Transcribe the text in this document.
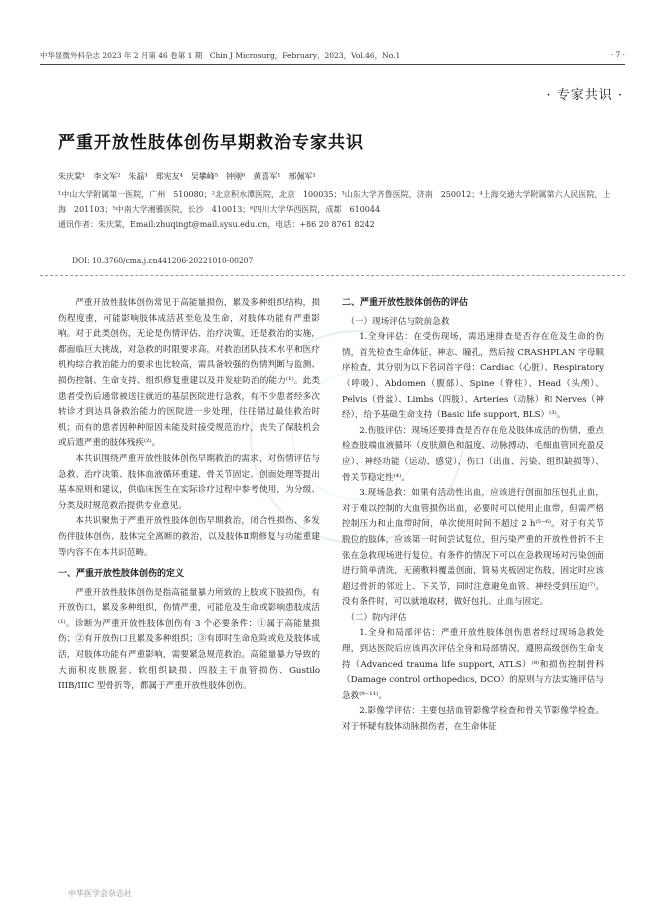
中华显微外科杂志 2023 年 2 月第 46 卷第 1 期　Chin J Microsurg，February，2023，Vol.46，No.1	· 7 ·
· 专家共识 ·
严重开放性肢体创伤早期救治专家共识
朱庆棠¹　李文军²　朱磊³　郑宪友⁴　吴攀峰⁵　钟刚⁶　黄喜军¹　邢佩军¹
¹中山大学附属第一医院，广州　510080；²北京积水潭医院，北京　100035；³山东大学齐鲁医院，济南　250012；⁴上海交通大学附属第六人民医院，上海　201103；⁵中南大学湘雅医院，长沙　410013；⁶四川大学华西医院，成都　610044
通讯作者：朱庆棠，Email:zhuqingt@mail.sysu.edu.cn，电话：+86 20 8761 8242
DOI: 10.3760/cma.j.cn441206-20221010-00207

严重开放性肢体创伤常见于高能量损伤，累及多种组织结构，损伤程度重，可能影响肢体成活甚至危及生命，对肢体功能有严重影响。对于此类创伤，无论是伤情评估、治疗决策，还是救治的实施，都面临巨大挑战，对急救的时限要求高，对救治团队技术水平和医疗机构综合救治能力的要求也比较高，需具备较强的伤情判断与监测、损伤控制、生命支持、组织修复重建以及并发症防治的能力⁽¹⁾。此类患者受伤后通常被送往就近的基层医院进行急救，有不少患者经多次转诊才到达具备救治能力的医院进一步处理，往往错过最佳救治时机；而有的患者因种种原因未能及时接受规范治疗，丧失了保肢机会或后遗严重的肢体残疾⁽²⁾。

本共识围绕严重开放性肢体创伤早期救治的需求，对伤情评估与急救、治疗决策、肢体血液循环重建、骨关节固定、创面处理等提出基本原则和建议，供临床医生在实际诊疗过程中参考使用，为分级、分类及时规范救治提供专业意见。

本共识聚焦于严重开放性肢体创伤早期救治，闭合性损伤、多发伤伴肢体创伤、肢体完全离断的救治，以及肢体Ⅱ期修复与功能重建等内容不在本共识范畴。

一、严重开放性肢体创伤的定义

严重开放性肢体创伤是指高能量暴力所致的上肢或下肢损伤，有开放伤口，累及多种组织，伤情严重，可能危及生命或影响患肢成活⁽¹⁾。诊断为严重开放性肢体创伤有 3 个必要条件：①属于高能量损伤；②有开放伤口且累及多种组织；③有即时生命危险或危及肢体成活，对肢体功能有严重影响，需要紧急规范救治。高能量暴力导致的大面积皮肤脱套、软组织缺损、四肢主干血管损伤、Gustilo IIIB/IIIC 型骨折等，都属于严重开放性肢体创伤。

二、严重开放性肢体创伤的评估
（一）现场评估与院前急救

1.全身评估：在受伤现场，需迅速排查是否存在危及生命的伤情，首先检查生命体征、神志、瞳孔，然后按 CRASHPLAN 字母顺序检查，其分别为以下名词首字母：Cardiac（心脏）、Respiratory（呼吸）、Abdomen（腹部）、Spine（脊柱）、Head（头颅）、Pelvis（骨盆）、Limbs（四肢）、Arteries（动脉）和 Nerves（神经），给予基础生命支持（Basic life support, BLS）⁽³⁾。

2.伤肢评估：现场还要排查是否存在危及肢体成活的伤情，重点检查肢端血液循环（皮肤颜色和温度、动脉搏动、毛细血管回充盈反应）、神经功能（运动、感觉）、伤口（出血、污染、组织缺损等）、骨关节稳定性⁽⁴⁾。

3.现场急救：如果有活动性出血，应该进行创面加压包扎止血，对于难以控制的大血管损伤出血，必要时可以使用止血带，但需严格控制压力和止血带时间，单次使用时间不超过 2 h⁽⁵⁻⁶⁾。对于有关节脱位的肢体，应该第一时间尝试复位，但污染严重的开放性骨折不主张在急救现场进行复位。有条件的情况下可以在急救现场对污染创面进行简单清洗，无菌敷料覆盖创面，简易夹板固定伤肢，固定时应该超过骨折的邻近上、下关节，同时注意避免血管、神经受到压迫⁽⁷⁾。没有条件时，可以就地取材，做好包扎、止血与固定。

（二）院内评估

1.全身和局部评估：严重开放性肢体创伤患者经过现场急救处理，到达医院后应该再次评估全身和局部情况，遵照高级创伤生命支持（Advanced trauma life support, ATLS）⁽⁸⁾和损伤控制骨科（Damage control orthopedics, DCO）的原则与方法实施评估与急救⁽⁹⁻¹¹⁾。

2.影像学评估：主要包括血管影像学检查和骨关节影像学检查。对于怀疑有肢体动脉损伤者，在生命体征

中华医学会杂志社
